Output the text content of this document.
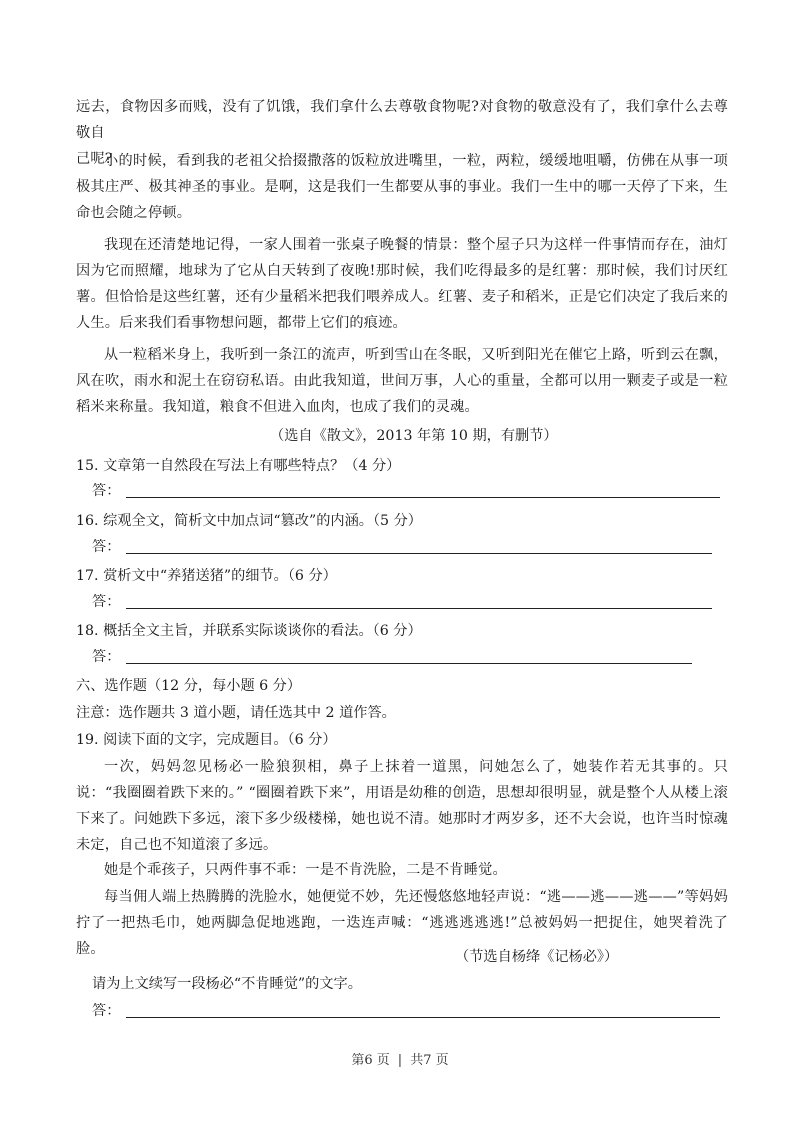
远去，食物因多而贱，没有了饥饿，我们拿什么去尊敬食物呢?对食物的敬意没有了，我们拿什么去尊敬自
己呢?
小的时候，看到我的老祖父拾掇撒落的饭粒放进嘴里，一粒，两粒，缓缓地咀嚼，仿佛在从事一项极其庄严、极其神圣的事业。是啊，这是我们一生都要从事的事业。我们一生中的哪一天停了下来，生命也会随之停顿。
我现在还清楚地记得，一家人围着一张桌子晚餐的情景：整个屋子只为这样一件事情而存在，油灯因为它而照耀，地球为了它从白天转到了夜晚!那时候，我们吃得最多的是红薯：那时候，我们讨厌红薯。但恰恰是这些红薯，还有少量稻米把我们喂养成人。红薯、麦子和稻米，正是它们决定了我后来的人生。后来我们看事物想问题，都带上它们的痕迹。
从一粒稻米身上，我听到一条江的流声，听到雪山在冬眠，又听到阳光在催它上路，听到云在飘，风在吹，雨水和泥土在窃窃私语。由此我知道，世间万事，人心的重量，全都可以用一颗麦子或是一粒稻米来称量。我知道，粮食不但进入血肉，也成了我们的灵魂。
（选自《散文》，2013 年第 10 期，有删节）
15. 文章第一自然段在写法上有哪些特点？（4 分）
答：
16. 综观全文，简析文中加点词“篡改”的内涵。（5 分）
答：
17. 赏析文中“养猪送猪”的细节。（6 分）
答：
18. 概括全文主旨，并联系实际谈谈你的看法。（6 分）
答：
六、选作题（12 分，每小题 6 分）
注意：选作题共 3 道小题，请任选其中 2 道作答。
19. 阅读下面的文字，完成题目。（6 分）
一次，妈妈忽见杨必一脸狼狈相，鼻子上抹着一道黑，问她怎么了，她装作若无其事的。只说：“我圈圈着跌下来的。” “圈圈着跌下来”，用语是幼稚的创造，思想却很明显，就是整个人从楼上滚下来了。问她跌下多远，滚下多少级楼梯，她也说不清。她那时才两岁多，还不大会说，也许当时惊魂未定，自己也不知道滚了多远。
她是个乖孩子，只两件事不乖：一是不肯洗脸，二是不肯睡觉。
每当佣人端上热腾腾的洗脸水，她便觉不妙，先还慢悠悠地轻声说：“逃——逃——逃——”等妈妈拧了一把热毛巾，她两脚急促地逃跑，一迭连声喊：“逃逃逃逃逃!”总被妈妈一把捉住，她哭着洗了脸。	（节选自杨绛《记杨必》）
请为上文续写一段杨必“不肯睡觉”的文字。
答：
第6 页 | 共7 页
